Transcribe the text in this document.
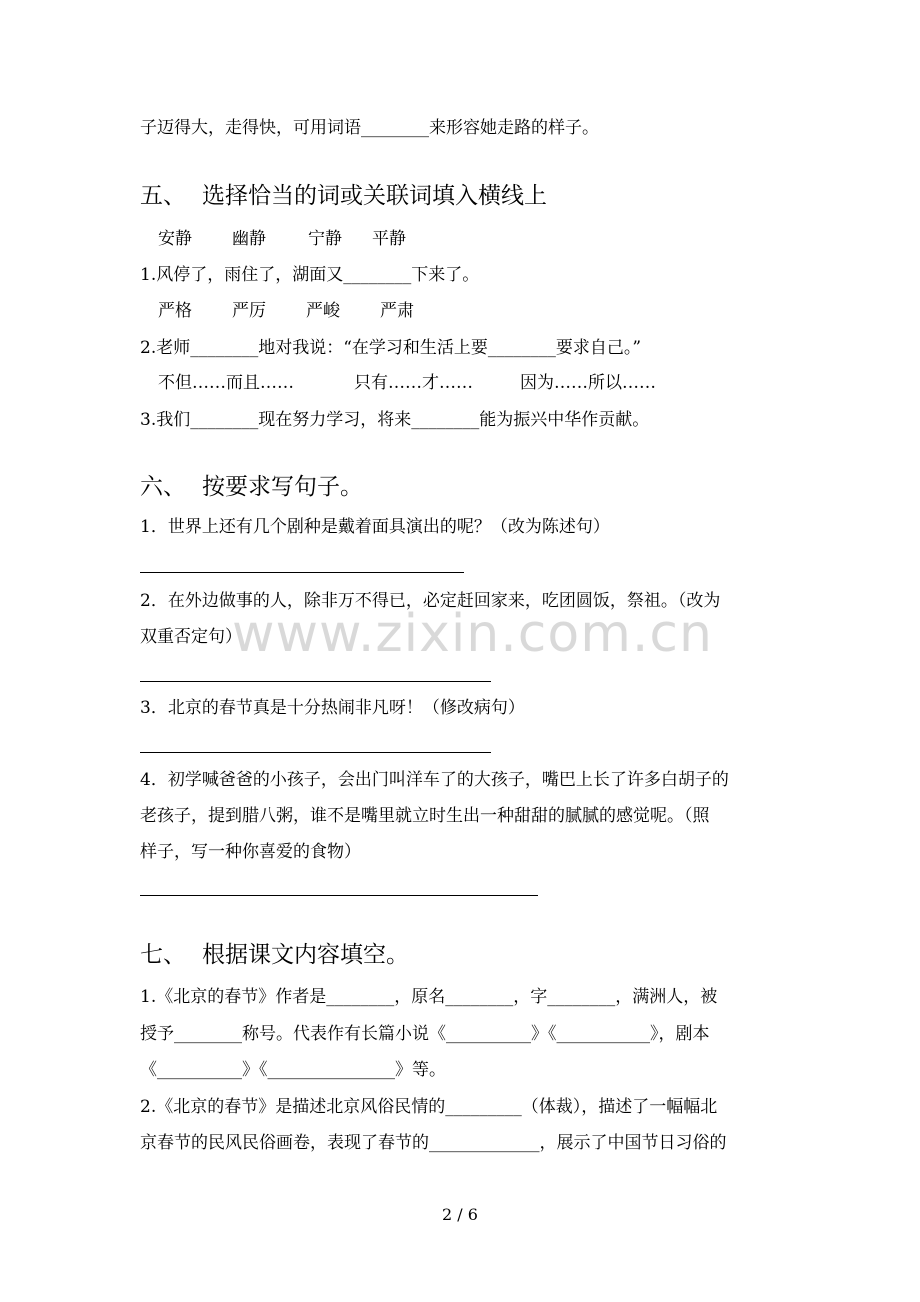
子迈得大，走得快，可用词语________来形容她走路的样子。
五、 选择恰当的词或关联词填入横线上
安静 幽静 宁静 平静
1.风停了，雨住了，湖面又________下来了。
严格 严厉 严峻 严肃
2.老师________地对我说：“在学习和生活上要________要求自己。”
不但……而且……	只有……才……	因为……所以……
3.我们________现在努力学习，将来________能为振兴中华作贡献。
六、 按要求写句子。
1．世界上还有几个剧种是戴着面具演出的呢？（改为陈述句）
2．在外边做事的人，除非万不得已，必定赶回家来，吃团圆饭，祭祖。（改为
双重否定句）
3．北京的春节真是十分热闹非凡呀！（修改病句）
4．初学喊爸爸的小孩子，会出门叫洋车了的大孩子，嘴巴上长了许多白胡子的
老孩子，提到腊八粥，谁不是嘴里就立时生出一种甜甜的腻腻的感觉呢。（照
样子，写一种你喜爱的食物）
七、 根据课文内容填空。
1.《北京的春节》作者是________，原名________，字________，满洲人，被
授予________称号。代表作有长篇小说《__________》《___________》，剧本
《__________》《_______________》等。
2.《北京的春节》是描述北京风俗民情的_________（体裁），描述了一幅幅北
京春节的民风民俗画卷，表现了春节的_____________，展示了中国节日习俗的
www.zixin.com.cn
2 / 6
